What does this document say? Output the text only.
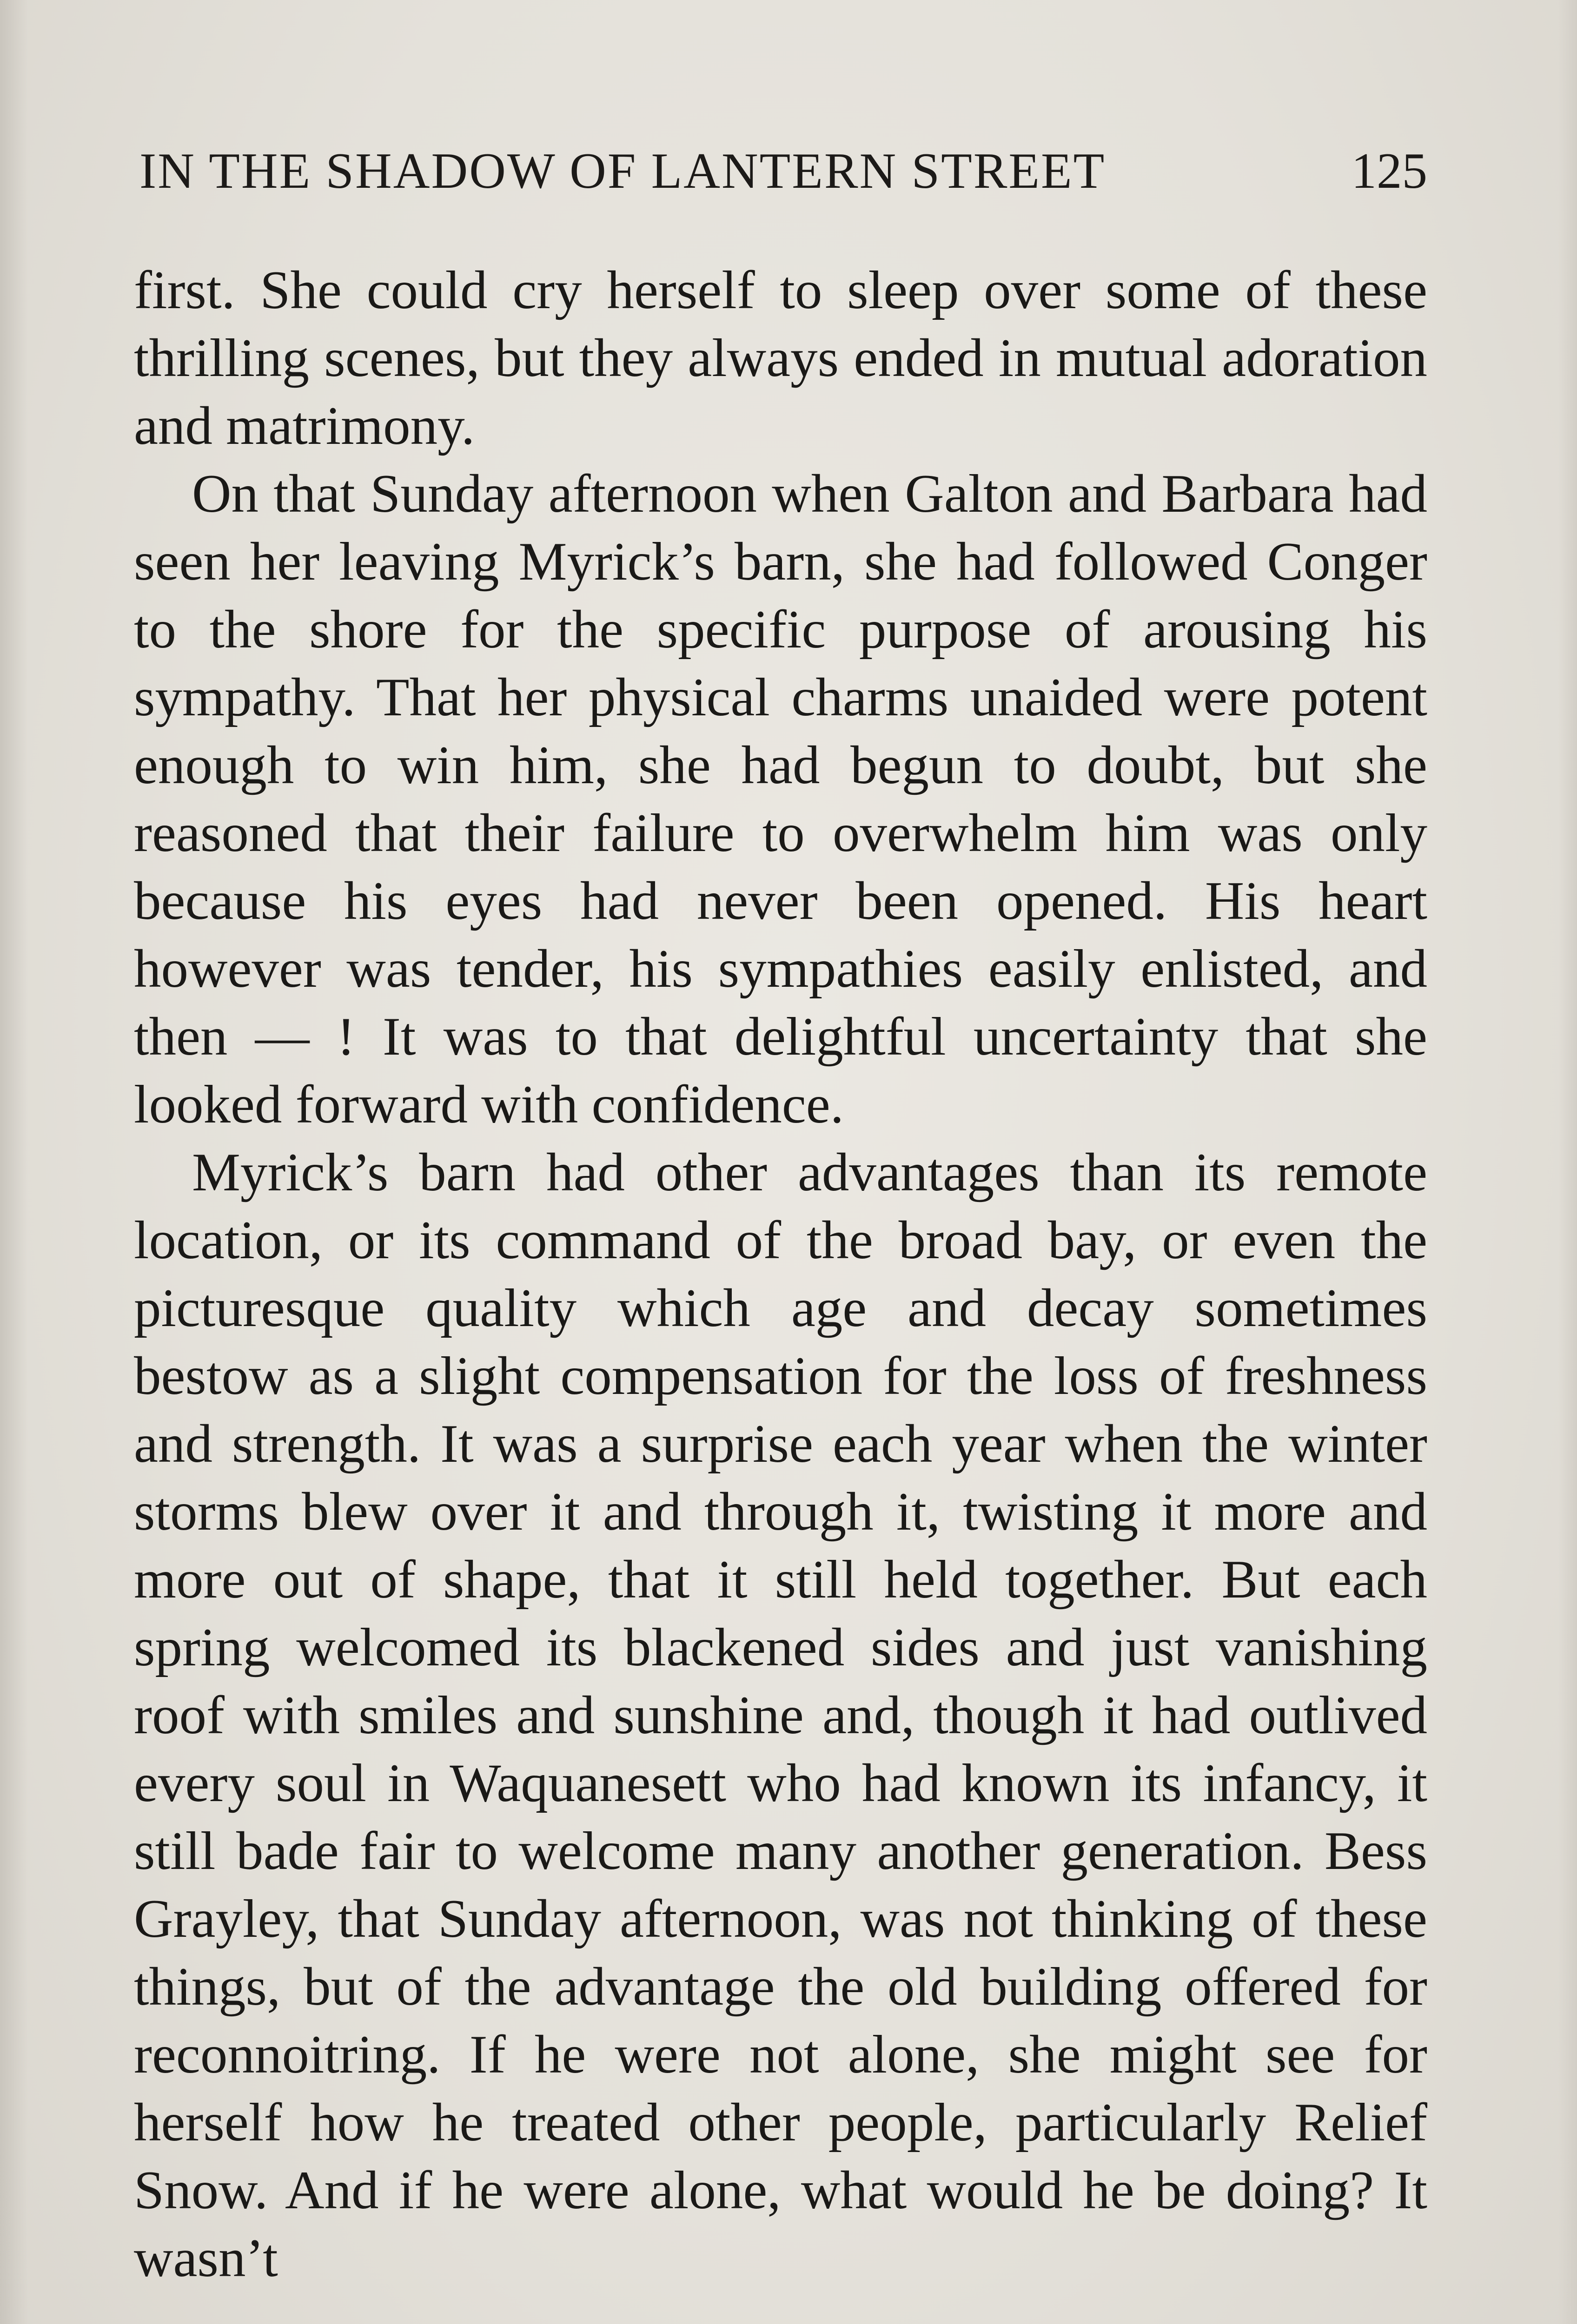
IN THE SHADOW OF LANTERN STREET	125

first. She could cry herself to sleep over some of these thrilling scenes, but they always ended in mutual adoration and matrimony.

On that Sunday afternoon when Galton and Barbara had seen her leaving Myrick’s barn, she had followed Conger to the shore for the specific purpose of arousing his sympathy. That her physical charms unaided were potent enough to win him, she had begun to doubt, but she reasoned that their failure to overwhelm him was only because his eyes had never been opened. His heart however was tender, his sympathies easily enlisted, and then — ! It was to that delightful uncertainty that she looked forward with confidence.

Myrick’s barn had other advantages than its remote location, or its command of the broad bay, or even the picturesque quality which age and decay sometimes bestow as a slight compensation for the loss of freshness and strength. It was a surprise each year when the winter storms blew over it and through it, twisting it more and more out of shape, that it still held together. But each spring welcomed its blackened sides and just vanishing roof with smiles and sunshine and, though it had outlived every soul in Waquanesett who had known its infancy, it still bade fair to welcome many another generation. Bess Grayley, that Sunday afternoon, was not thinking of these things, but of the advantage the old building offered for reconnoitring. If he were not alone, she might see for herself how he treated other people, particularly Relief Snow. And if he were alone, what would he be doing? It wasn’t
